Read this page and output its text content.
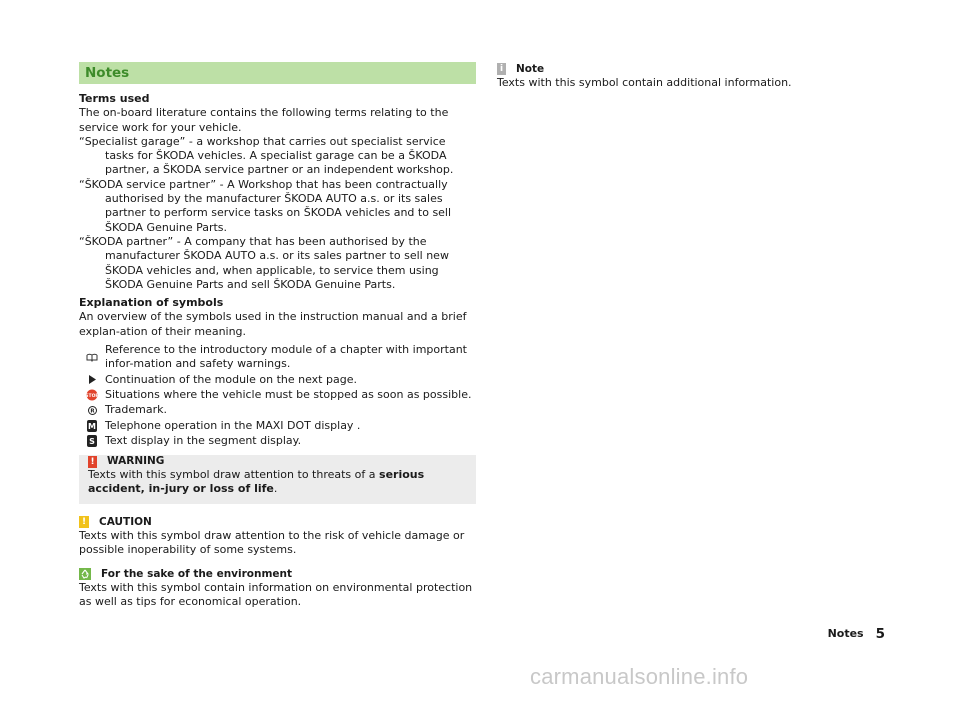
Notes

Terms used

The on-board literature contains the following terms relating to the service work for your vehicle.

“Specialist garage” - a workshop that carries out specialist service tasks for ŠKODA vehicles. A specialist garage can be a ŠKODA partner, a ŠKODA service partner or an independent workshop.

“ŠKODA service partner” - A Workshop that has been contractually authorised by the manufacturer ŠKODA AUTO a.s. or its sales partner to perform service tasks on ŠKODA vehicles and to sell ŠKODA Genuine Parts.

“ŠKODA partner” - A company that has been authorised by the manufacturer ŠKODA AUTO a.s. or its sales partner to sell new ŠKODA vehicles and, when applicable, to service them using ŠKODA Genuine Parts and sell ŠKODA Genuine Parts.

Explanation of symbols

An overview of the symbols used in the instruction manual and a brief explan-ation of their meaning.

Reference to the introductory module of a chapter with important infor-mation and safety warnings.
Continuation of the module on the next page.
STOP Situations where the vehicle must be stopped as soon as possible.
R Trademark.
M Telephone operation in the MAXI DOT display .
S Text display in the segment display.
! WARNING

Texts with this symbol draw attention to threats of a serious accident, in-jury or loss of life.

! CAUTION

Texts with this symbol draw attention to the risk of vehicle damage or possible inoperability of some systems.

For the sake of the environment

Texts with this symbol contain information on environmental protection as well as tips for economical operation.

i Note

Texts with this symbol contain additional information.

Notes 5
carmanualsonline.info
